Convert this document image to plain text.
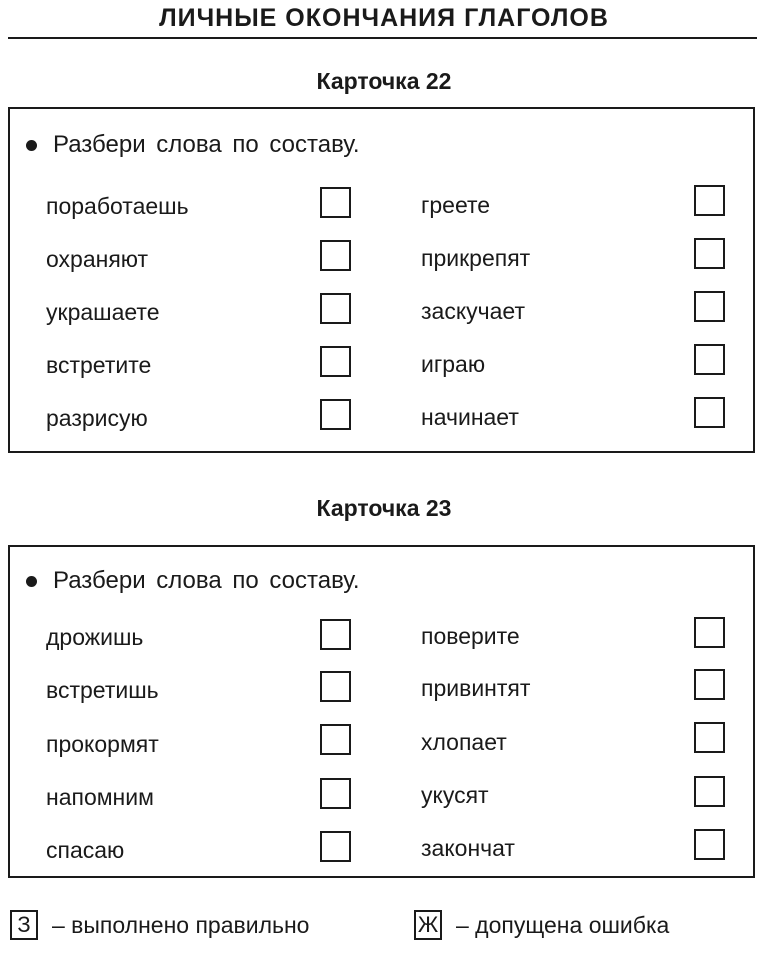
ЛИЧНЫЕ ОКОНЧАНИЯ ГЛАГОЛОВ
Карточка 22
Разбери слова по составу.
поработаешь	греете
охраняют	прикрепят
украшаете	заскучает
встретите	играю
разрисую	начинает
Карточка 23
Разбери слова по составу.
дрожишь	поверите
встретишь	привинтят
прокормят	хлопает
напомним	укусят
спасаю	закончат
З – выполнено правильно	Ж – допущена ошибка
